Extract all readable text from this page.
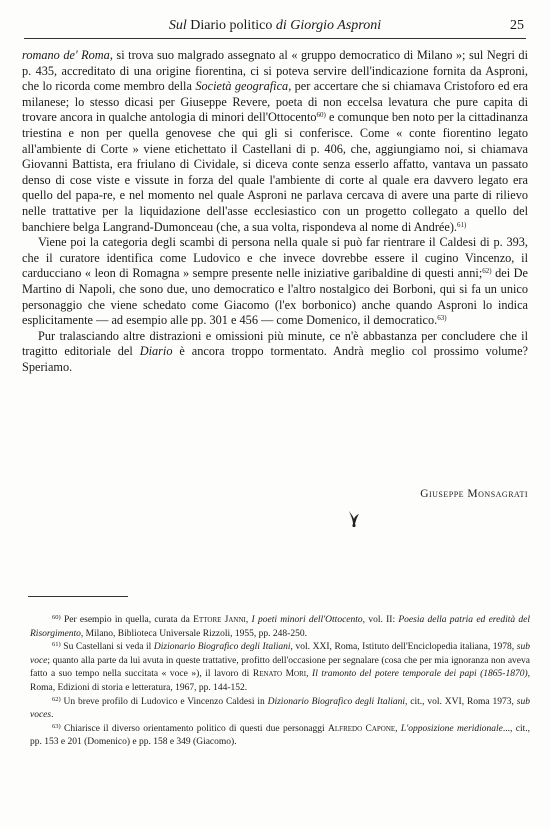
Sul Diario politico di Giorgio Asproni	25

romano de' Roma, si trova suo malgrado assegnato al « gruppo democratico di Milano »; sul Negri di p. 435, accreditato di una origine fiorentina, ci si poteva servire dell'indicazione fornita da Asproni, che lo ricorda come membro della Società geografica, per accertare che si chiamava Cristoforo ed era milanese; lo stesso dicasi per Giuseppe Revere, poeta di non eccelsa levatura che pure capita di trovare ancora in qualche antologia di minori dell'Ottocento$^{60)}$ e comunque ben noto per la cittadinanza triestina e non per quella genovese che qui gli si conferisce. Come « conte fiorentino legato all'ambiente di Corte » viene etichettato il Castellani di p. 406, che, aggiungiamo noi, si chiamava Giovanni Battista, era friulano di Cividale, si diceva conte senza esserlo affatto, vantava un passato denso di cose viste e vissute in forza del quale l'ambiente di corte al quale era davvero legato era quello del papa-re, e nel momento nel quale Asproni ne parlava cercava di avere una parte di rilievo nelle trattative per la liquidazione dell'asse ecclesiastico con un progetto collegato a quello del banchiere belga Langrand-Dumonceau (che, a sua volta, rispondeva al nome di Andrée).$^{61)}$

Viene poi la categoria degli scambi di persona nella quale si può far rientrare il Caldesi di p. 393, che il curatore identifica come Ludovico e che invece dovrebbe essere il cugino Vincenzo, il carducciano « leon di Romagna » sempre presente nelle iniziative garibaldine di questi anni;$^{62)}$ dei De Martino di Napoli, che sono due, uno democratico e l'altro nostalgico dei Borboni, qui si fa un unico personaggio che viene schedato come Giacomo (l'ex borbonico) anche quando Asproni lo indica esplicitamente — ad esempio alle pp. 301 e 456 — come Domenico, il democratico.$^{63)}$

Pur tralasciando altre distrazioni e omissioni più minute, ce n'è abbastanza per concludere che il tragitto editoriale del Diario è ancora troppo tormentato. Andrà meglio col prossimo volume? Speriamo.

Giuseppe Monsagrati

$^{60)}$ Per esempio in quella, curata da Ettore Janni, I poeti minori dell'Ottocento, vol. II: Poesia della patria ed eredità del Risorgimento, Milano, Biblioteca Universale Rizzoli, 1955, pp. 248-250.

$^{61)}$ Su Castellani si veda il Dizionario Biografico degli Italiani, vol. XXI, Roma, Istituto dell'Enciclopedia italiana, 1978, sub voce; quanto alla parte da lui avuta in queste trattative, profitto dell'occasione per segnalare (cosa che per mia ignoranza non aveva fatto a suo tempo nella succitata « voce »), il lavoro di Renato Mori, Il tramonto del potere temporale dei papi (1865-1870), Roma, Edizioni di storia e letteratura, 1967, pp. 144-152.

$^{62)}$ Un breve profilo di Ludovico e Vincenzo Caldesi in Dizionario Biografico degli Italiani, cit., vol. XVI, Roma 1973, sub voces.

$^{63)}$ Chiarisce il diverso orientamento politico di questi due personaggi Alfredo Capone, L'opposizione meridionale..., cit., pp. 153 e 201 (Domenico) e pp. 158 e 349 (Giacomo).
